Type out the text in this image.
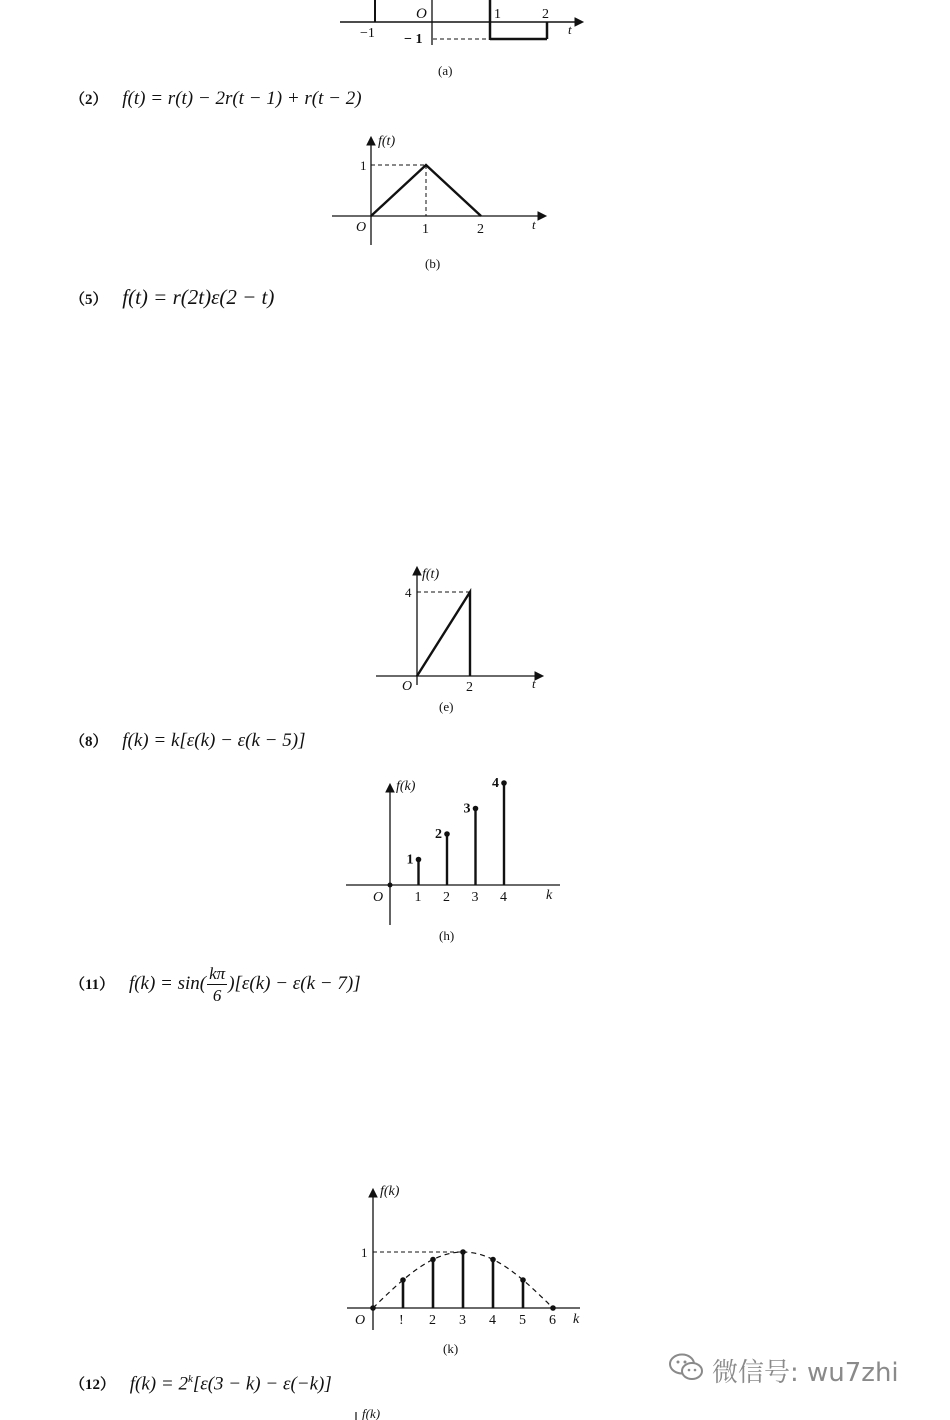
O
−1
1	2
− 1
t
(a)
（2） f(t) = r(t) − 2r(t − 1) + r(t − 2)
f(t)
O
1
1	2	t
(b)
（5） f(t) = r(2t)ε(2 − t)
f(t)
O
4
2	t
(e)
（8） f(k) = k[ε(k) − ε(k − 5)]
f(k)
O	k
1
1
2
2
3
3
4
4
(h)
（11） $f(k) = \sin( \frac{k\pi}{6} )[\varepsilon(k) - \varepsilon(k - 7)]$
f(k)
O
1
k
! 2 3 4 5 6
(k)
（12） $f(k) = 2^k[\varepsilon(3 - k) - \varepsilon(-k)]$
f(k)
微信号: wu7zhi
